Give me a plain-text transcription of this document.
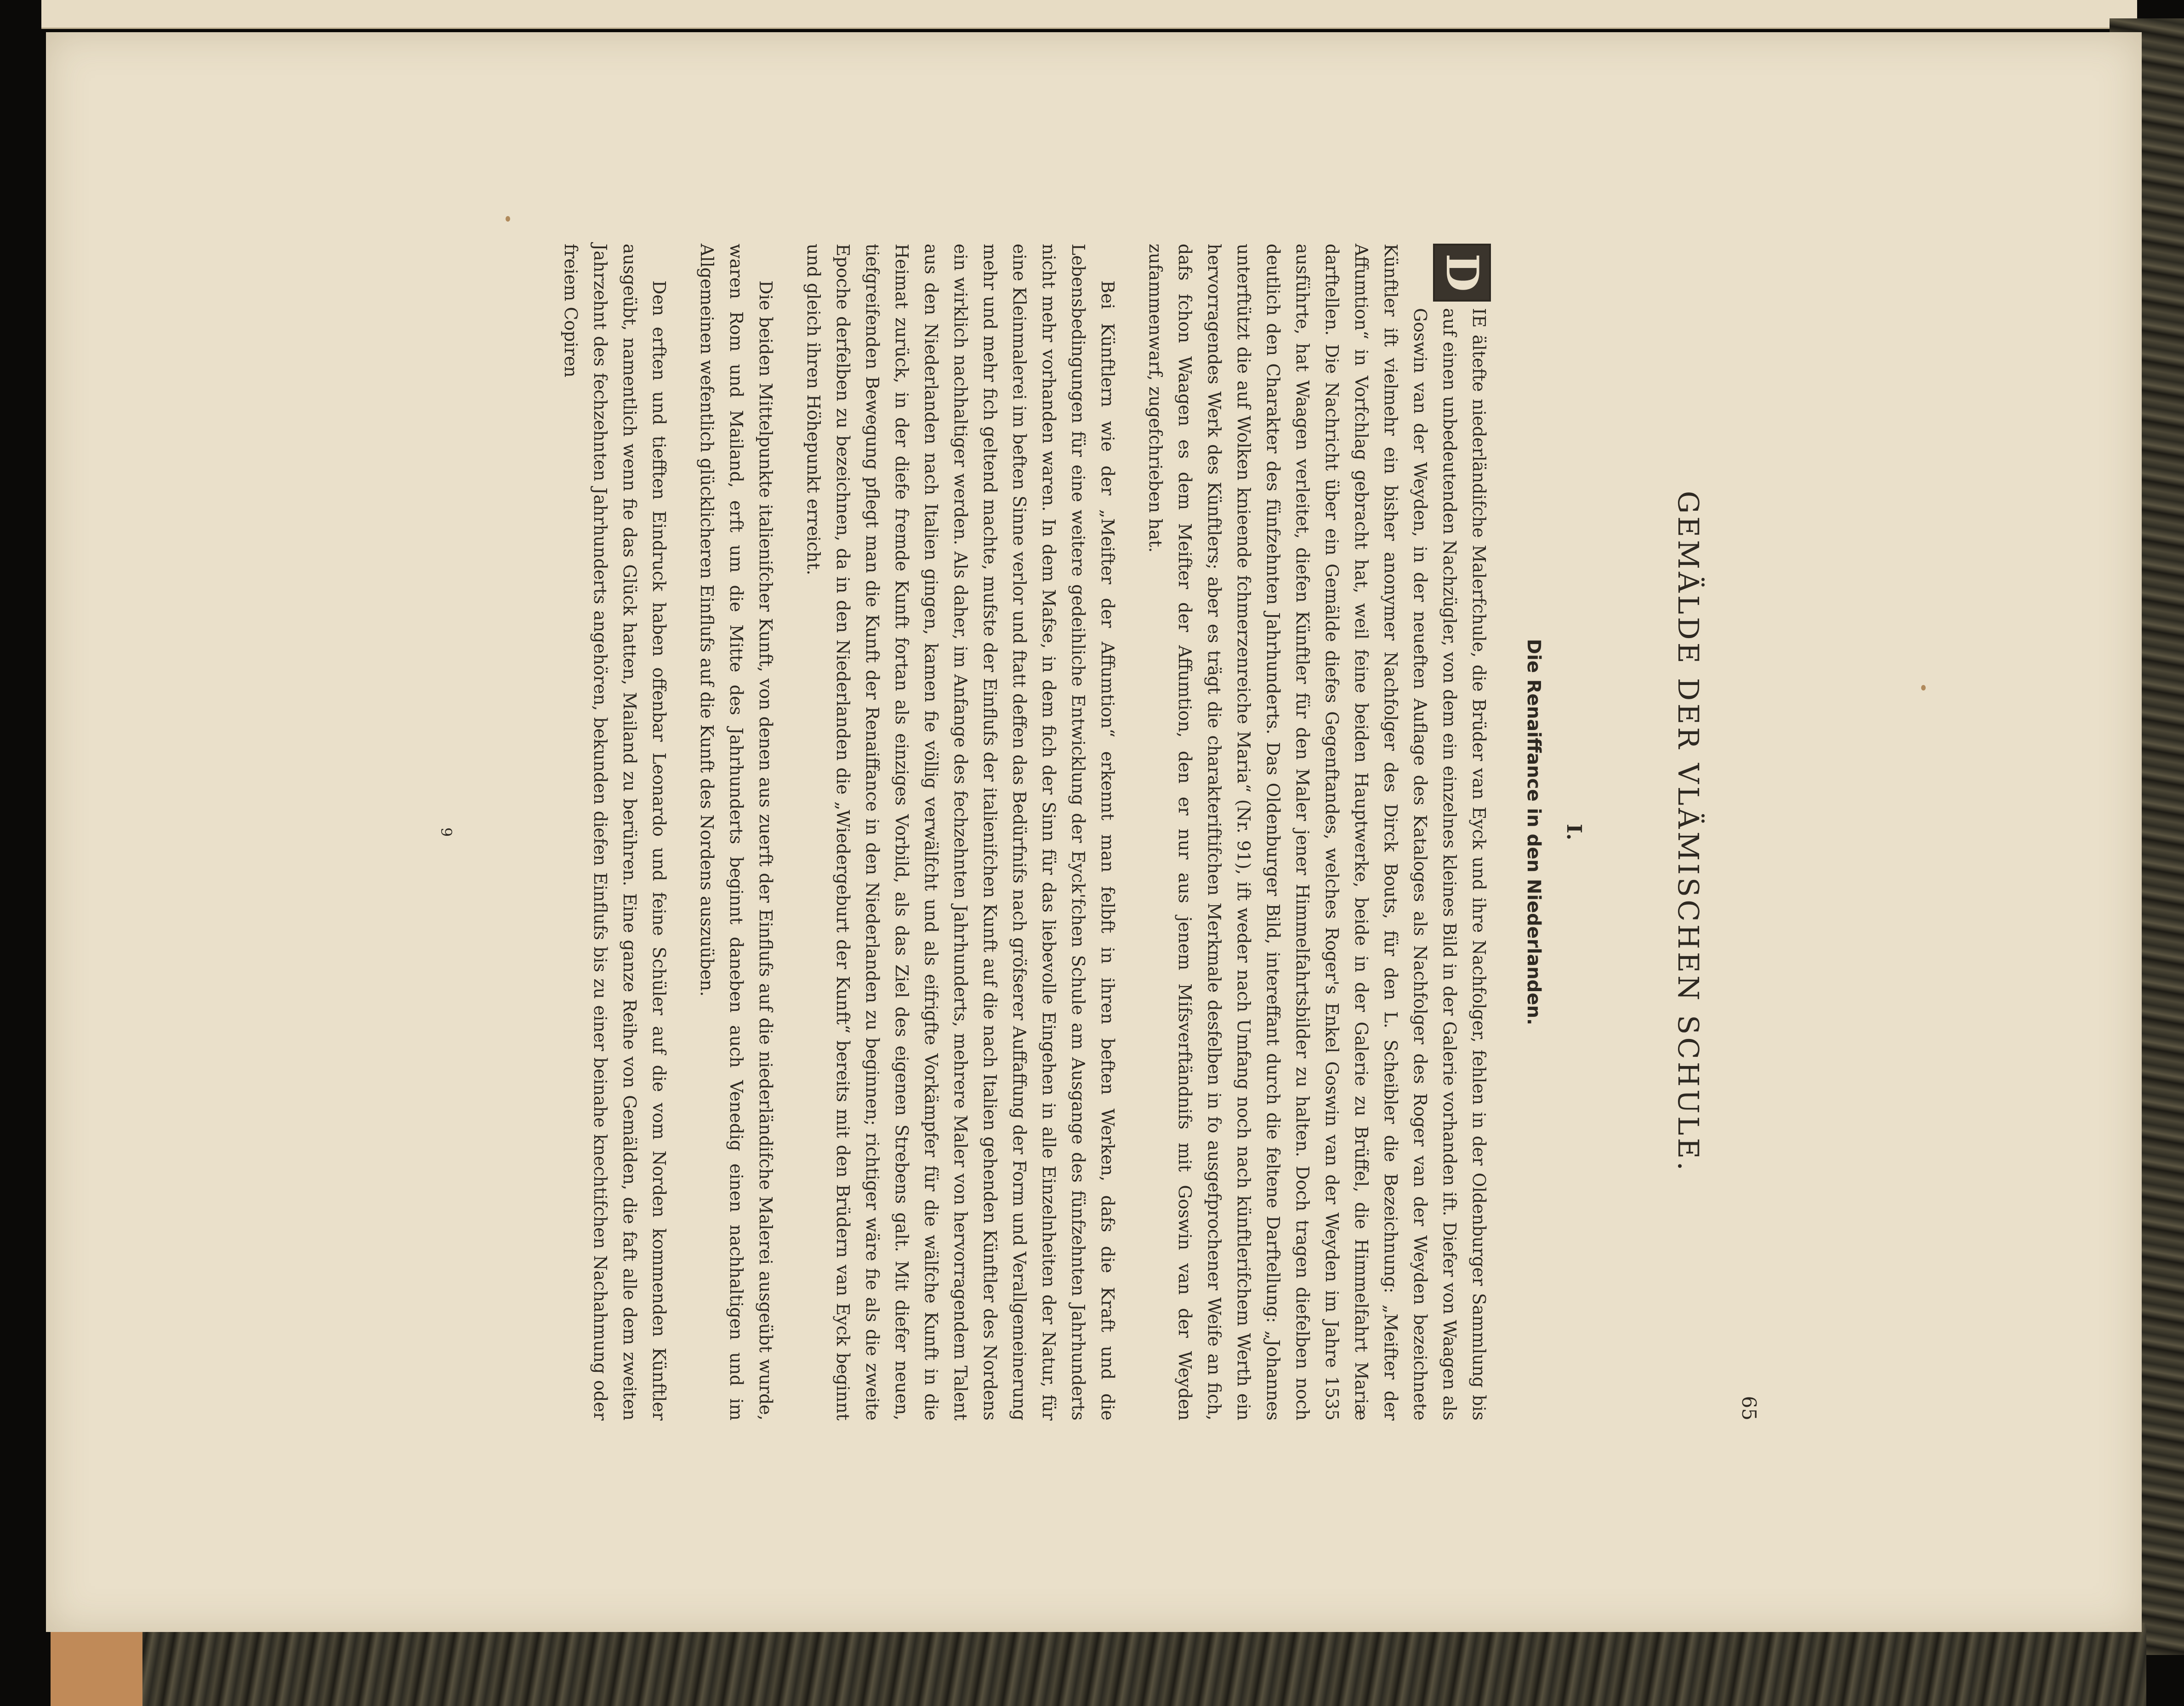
65
GEMÄLDE DER VLÄMISCHEN SCHULE.
I.
Die Renaiffance in den Niederlanden.

D
IE ältefte niederländifche Malerfchule, die Brüder van Eyck und ihre Nachfolger, fehlen in der Oldenburger Sammlung bis auf einen unbedeutenden Nachzügler, von dem ein einzelnes kleines Bild in der Galerie vorhanden ift. Diefer von Waagen als Goswin van der Weyden, in der neueften Auflage des Kataloges als Nachfolger des Roger van der Weyden bezeichnete Künftler ift vielmehr ein bisher anonymer Nachfolger des Dirck Bouts, für den L. Scheibler die Bezeichnung: „Meifter der Affumtion“ in Vorfchlag gebracht hat, weil feine beiden Hauptwerke, beide in der Galerie zu Brüffel, die Himmelfahrt Mariæ darftellen. Die Nachricht über ein Gemälde diefes Gegenftandes, welches Roger's Enkel Goswin van der Weyden im Jahre 1535 ausführte, hat Waagen verleitet, diefen Künftler für den Maler jener Himmelfahrtsbilder zu halten. Doch tragen diefelben noch deutlich den Charakter des fünfzehnten Jahrhunderts. Das Oldenburger Bild, intereffant durch die feltene Darftellung: „Johannes unterftützt die auf Wolken knieende fchmerzenreiche Maria“ (Nr. 91), ift weder nach Umfang noch nach künftlerifchem Werth ein hervorragendes Werk des Künftlers; aber es trägt die charakteriftifchen Merkmale desfelben in fo ausgefprochener Weife an fich, dafs fchon Waagen es dem Meifter der Affumtion, den er nur aus jenem Mifsverftändnifs mit Goswin van der Weyden zufammenwarf, zugefchrieben hat.

Bei Künftlern wie der „Meifter der Affumtion“ erkennt man felbft in ihren beften Werken, dafs die Kraft und die Lebensbedingungen für eine weitere gedeihliche Entwicklung der Eyck'fchen Schule am Ausgange des fünfzehnten Jahrhunderts nicht mehr vorhanden waren. In dem Mafse, in dem fich der Sinn für das liebevolle Eingehen in alle Einzelnheiten der Natur, für eine Kleinmalerei im beften Sinne verlor und ftatt deffen das Bedürfnifs nach gröfserer Auffaffung der Form und Verallgemeinerung mehr und mehr fich geltend machte, mufste der Einflufs der italienifchen Kunft auf die nach Italien gehenden Künftler des Nordens ein wirklich nachhaltiger werden. Als daher, im Anfange des fechzehnten Jahrhunderts, mehrere Maler von hervorragendem Talent aus den Niederlanden nach Italien gingen, kamen fie völlig verwälfcht und als eifrigfte Vorkämpfer für die wälfche Kunft in die Heimat zurück, in der diefe fremde Kunft fortan als einziges Vorbild, als das Ziel des eigenen Strebens galt. Mit diefer neuen, tiefgreifenden Bewegung pflegt man die Kunft der Renaiffance in den Niederlanden zu beginnen; richtiger wäre fie als die zweite Epoche derfelben zu bezeichnen, da in den Niederlanden die „Wiedergeburt der Kunft“ bereits mit den Brüdern van Eyck beginnt und gleich ihren Höhepunkt erreicht.

Die beiden Mittelpunkte italienifcher Kunft, von denen aus zuerft der Einflufs auf die niederländifche Malerei ausgeübt wurde, waren Rom und Mailand, erft um die Mitte des Jahrhunderts beginnt daneben auch Venedig einen nachhaltigen und im Allgemeinen wefentlich glücklicheren Einflufs auf die Kunft des Nordens auszuüben.

Den erften und tiefften Eindruck haben offenbar Leonardo und feine Schüler auf die vom Norden kommenden Künftler ausgeübt, namentlich wenn fie das Glück hatten, Mailand zu berühren. Eine ganze Reihe von Gemälden, die faft alle dem zweiten Jahrzehnt des fechzehnten Jahrhunderts angehören, bekunden diefen Einflufs bis zu einer beinahe knechtifchen Nachahmung oder freiem Copiren

9
